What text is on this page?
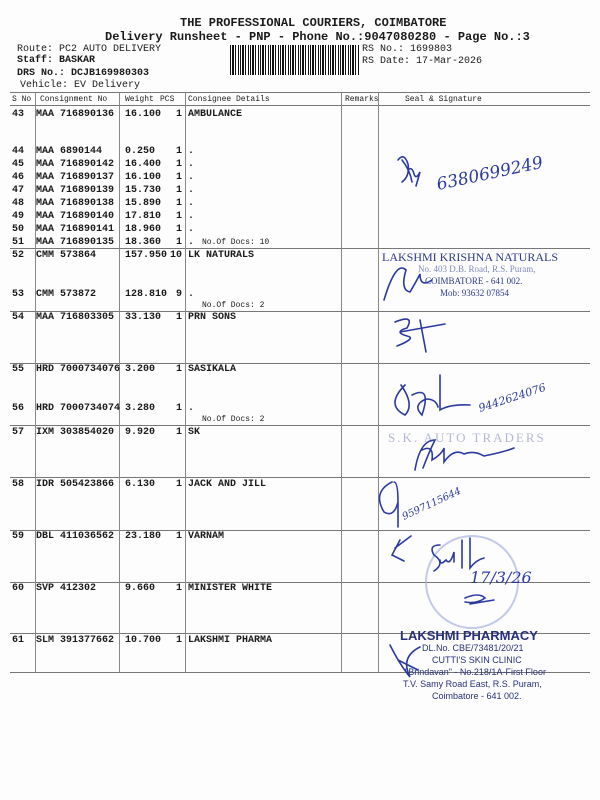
THE PROFESSIONAL COURIERS, COIMBATORE
Delivery Runsheet - PNP - Phone No.:9047080280 - Page No.:3
Route: PC2 AUTO DELIVERY
Staff: BASKAR
DRS No.: DCJB169980303
Vehicle: EV Delivery
RS No.: 1699803
RS Date: 17-Mar-2026
S No Consignment No Weight PCS Consignee Details	Remarks	Seal & Signature
43 MAA 716890136 16.100 1 AMBULANCE
44 MAA 6890144 0.250 1 .
45 MAA 716890142 16.400 1 .
46 MAA 716890137 16.100 1 .
47 MAA 716890139 15.730 1 .
48 MAA 716890138 15.890 1 .
49 MAA 716890140 17.810 1 .
50 MAA 716890141 18.960 1 .
51 MAA 716890135 18.360 1 .
52 CMM 573864	157.950 10 LK NATURALS
53 CMM 573872	128.810 9 .
54 MAA 716803305 33.130 1 PRN SONS
55 HRD 7000734076 3.200 1 SASIKALA
56 HRD 7000734074 3.280 1 .
57 IXM 303854020 9.920 1 SK
58 IDR 505423866 6.130 1 JACK AND JILL
59 DBL 411036562 23.180 1 VARNAM
60 SVP 412302	9.660 1 MINISTER WHITE
61 SLM 391377662 10.700 1 LAKSHMI PHARMA
No.Of Docs: 10
No.Of Docs: 2
No.Of Docs: 2
LAKSHMI KRISHNA NATURALS
No. 403 D.B. Road, R.S. Puram,
COIMBATORE - 641 002.
Mob: 93632 07854
S.K. AUTO TRADERS
LAKSHMI PHARMACY
DL.No. CBE/73481/20/21
CUTTI'S SKIN CLINIC
"Brindavan" - No.218/1A-First Floor
T.V. Samy Road East, R.S. Puram,
Coimbatore - 641 002.
6380699249
9442624076
9597115644
17/3/26
